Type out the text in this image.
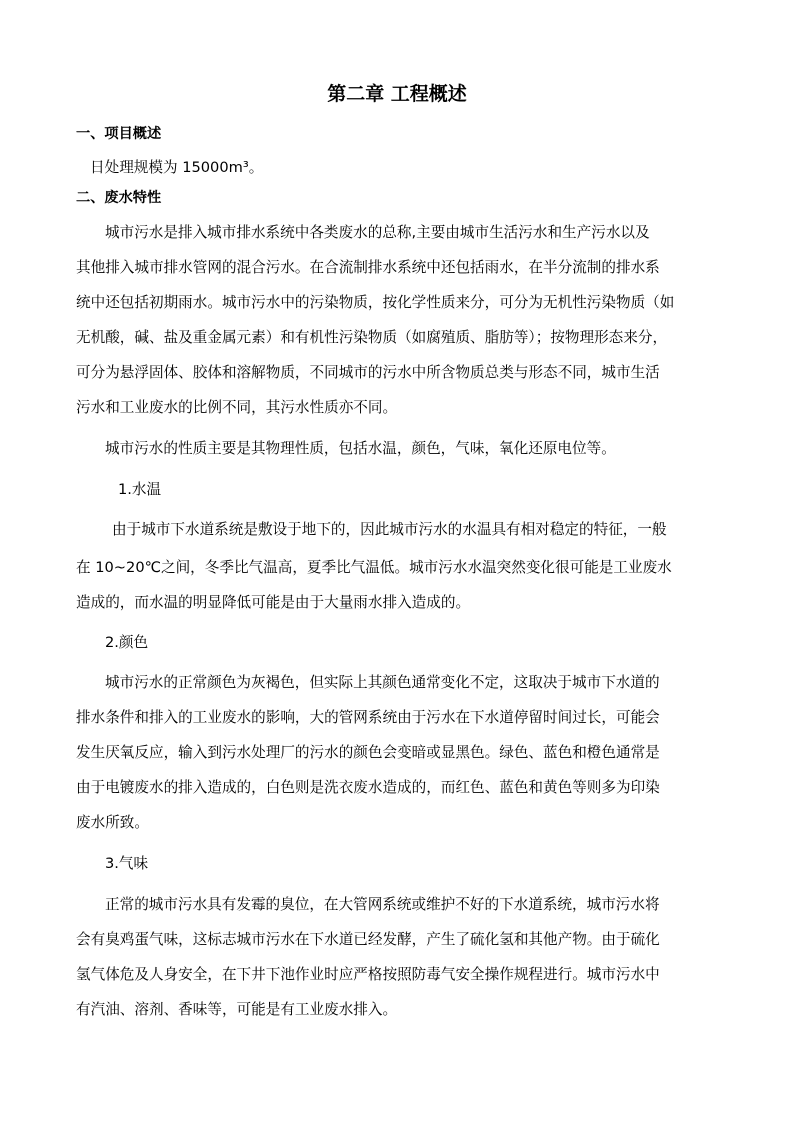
第二章 工程概述
一、项目概述
日处理规模为 15000m³。
二、废水特性
城市污水是排入城市排水系统中各类废水的总称,主要由城市生活污水和生产污水以及
其他排入城市排水管网的混合污水。在合流制排水系统中还包括雨水，在半分流制的排水系
统中还包括初期雨水。城市污水中的污染物质，按化学性质来分，可分为无机性污染物质（如
无机酸，碱、盐及重金属元素）和有机性污染物质（如腐殖质、脂肪等）；按物理形态来分，
可分为悬浮固体、胶体和溶解物质，不同城市的污水中所含物质总类与形态不同，城市生活
污水和工业废水的比例不同，其污水性质亦不同。
城市污水的性质主要是其物理性质，包括水温，颜色，气味，氧化还原电位等。
1.水温
由于城市下水道系统是敷设于地下的，因此城市污水的水温具有相对稳定的特征，一般
在 10~20℃之间，冬季比气温高，夏季比气温低。城市污水水温突然变化很可能是工业废水
造成的，而水温的明显降低可能是由于大量雨水排入造成的。
2.颜色
城市污水的正常颜色为灰褐色，但实际上其颜色通常变化不定，这取决于城市下水道的
排水条件和排入的工业废水的影响，大的管网系统由于污水在下水道停留时间过长，可能会
发生厌氧反应，输入到污水处理厂的污水的颜色会变暗或显黑色。绿色、蓝色和橙色通常是
由于电镀废水的排入造成的，白色则是洗衣废水造成的，而红色、蓝色和黄色等则多为印染
废水所致。
3.气味
正常的城市污水具有发霉的臭位，在大管网系统或维护不好的下水道系统，城市污水将
会有臭鸡蛋气味，这标志城市污水在下水道已经发酵，产生了硫化氢和其他产物。由于硫化
氢气体危及人身安全，在下井下池作业时应严格按照防毒气安全操作规程进行。城市污水中
有汽油、溶剂、香味等，可能是有工业废水排入。
